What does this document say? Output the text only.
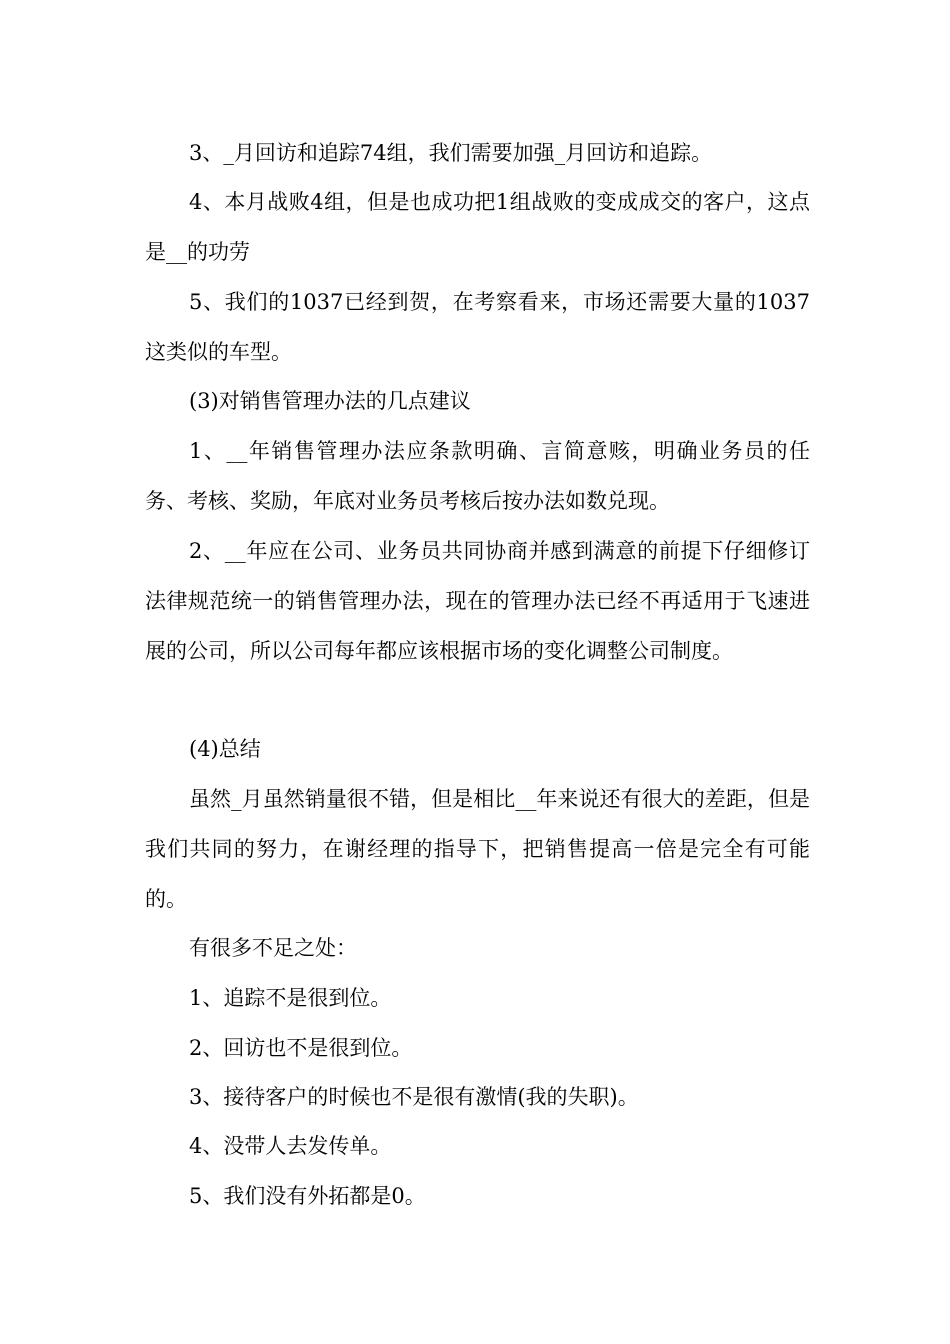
3、_月回访和追踪74组，我们需要加强_月回访和追踪。

4、本月战败4组，但是也成功把1组战败的变成成交的客户，这点是__的功劳

5、我们的1037已经到贺，在考察看来，市场还需要大量的1037这类似的车型。

(3)对销售管理办法的几点建议

1、__年销售管理办法应条款明确、言简意赅，明确业务员的任务、考核、奖励，年底对业务员考核后按办法如数兑现。

2、__年应在公司、业务员共同协商并感到满意的前提下仔细修订法律规范统一的销售管理办法，现在的管理办法已经不再适用于飞速进展的公司，所以公司每年都应该根据市场的变化调整公司制度。

(4)总结

虽然_月虽然销量很不错，但是相比__年来说还有很大的差距，但是我们共同的努力，在谢经理的指导下，把销售提高一倍是完全有可能的。

有很多不足之处：

1、追踪不是很到位。

2、回访也不是很到位。

3、接待客户的时候也不是很有激情(我的失职)。

4、没带人去发传单。

5、我们没有外拓都是0。
